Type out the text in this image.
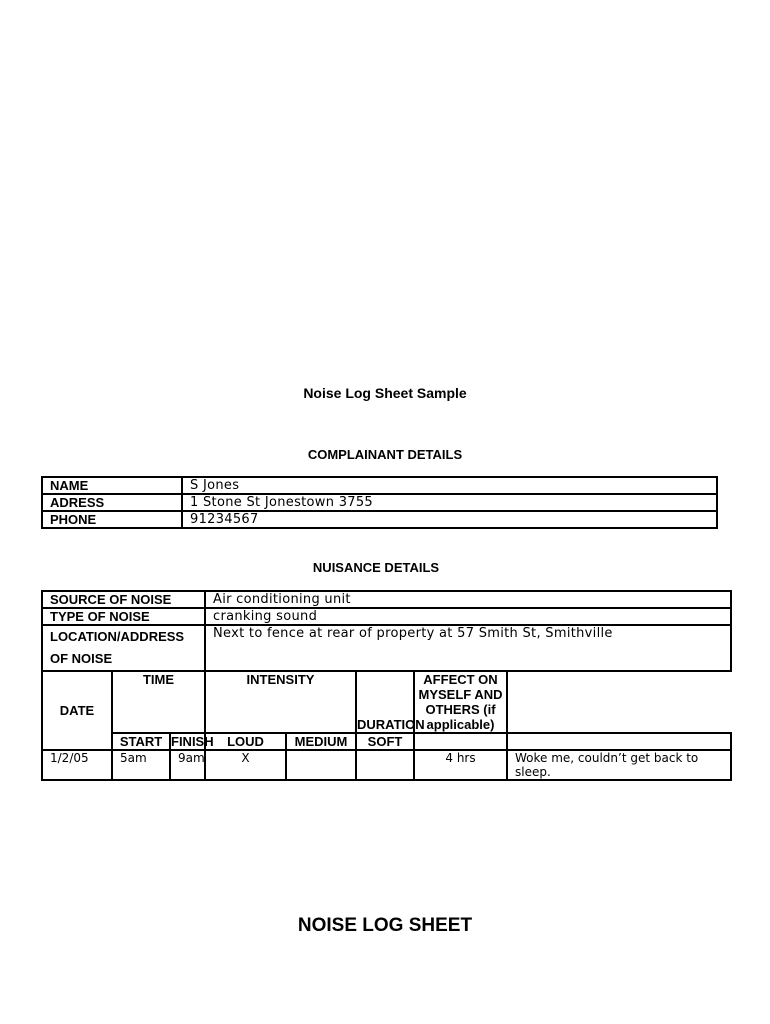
Noise Log Sheet Sample
COMPLAINANT DETAILS
NAME	S Jones
ADRESS	1 Stone St Jonestown 3755
PHONE	91234567
NUISANCE DETAILS
SOURCE OF NOISE			Air conditioning unit				
TYPE OF NOISE			cranking sound				

LOCATION/ADDRESS
OF NOISE			Next to fence at rear of property at 57 Smith St, Smithville				
DATE	TIME		INTENSITY		DURATION	AFFECT ON MYSELF AND OTHERS (if applicable)	
	START	FINISH	LOUD	MEDIUM	SOFT		
1/2/05	5am	9am	X			4 hrs	Woke me, couldn’t get back to sleep.
NOISE LOG SHEET
